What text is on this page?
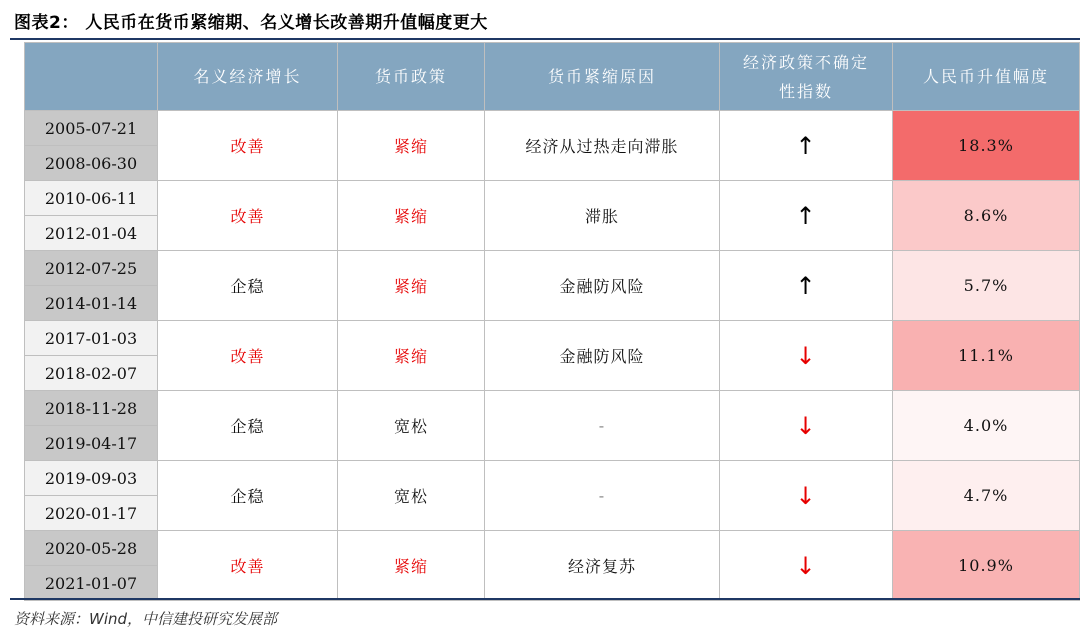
图表2： 人民币在货币紧缩期、名义增长改善期升值幅度更大
	名义经济增长	货币政策	货币紧缩原因	经济政策不确定
性指数	人民币升值幅度
2005-07-21	改善	紧缩	经济从过热走向滞胀	↑	18.3%
2008-06-30					
2010-06-11	改善	紧缩	滞胀	↑	8.6%
2012-01-04					
2012-07-25	企稳	紧缩	金融防风险	↑	5.7%
2014-01-14					
2017-01-03	改善	紧缩	金融防风险	↓	11.1%
2018-02-07					
2018-11-28	企稳	宽松	-	↓	4.0%
2019-04-17					
2019-09-03	企稳	宽松	-	↓	4.7%
2020-01-17					
2020-05-28	改善	紧缩	经济复苏	↓	10.9%
2021-01-07					
资料来源：Wind，中信建投研究发展部
